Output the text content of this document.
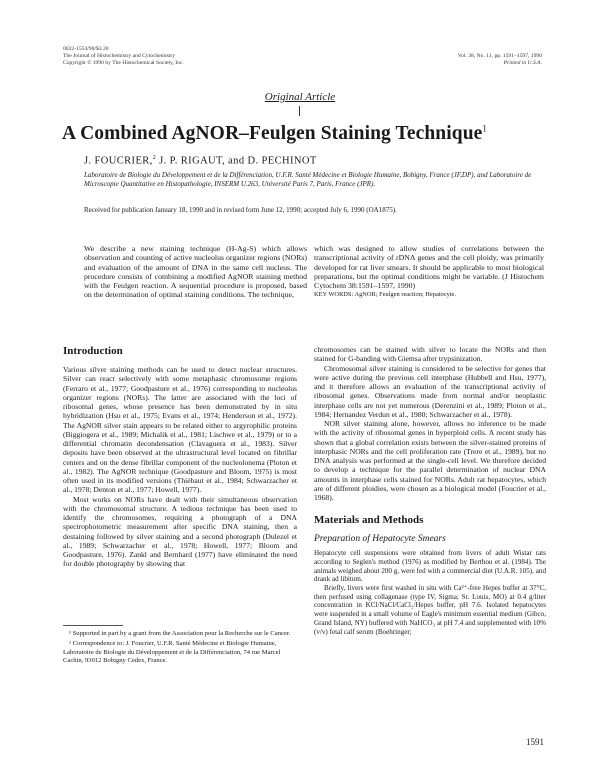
0022-1554/90/$3.30
The Journal of Histochemistry and Cytochemistry
Copyright © 1990 by The Histochemical Society, Inc.
Vol. 38, No. 11, pp. 1591–1597, 1990
Printed in U.S.A.
Original Article
A Combined AgNOR–Feulgen Staining Technique$^1$
J. FOUCRIER,$^2$ J. P. RIGAUT, and D. PECHINOT
Laboratoire de Biologie du Développement et de la Différenciation, U.F.R. Santé Médecine et Biologie Humaine, Bobigny, France (JF,DP), and Laboratoire de Microscopie Quantitative en Histopathologie, INSERM U.263, Université Paris 7, Paris, France (JPR).
Received for publication January 18, 1990 and in revised form June 12, 1990; accepted July 6, 1990 (OA1875).
We describe a new staining technique (H-Ag-S) which allows observation and counting of active nucleolus organizer regions (NORs) and evaluation of the amount of DNA in the same cell nucleus. The procedure consists of combining a modified AgNOR staining method with the Feulgen reaction. A sequential procedure is proposed, based on the determination of optimal staining conditions. The technique,
which was designed to allow studies of correlations between the transcriptional activity of rDNA genes and the cell ploidy, was primarily developed for rat liver smears. It should be applicable to most biological preparations, but the optimal conditions might be variable. (J Histochem Cytochem 38:1591–1597, 1990)
KEY WORDS: AgNOR; Feulgen reaction; Hepatocyte.
Introduction

Various silver staining methods can be used to detect nuclear structures. Silver can react selectively with some metaphasic chromosome regions (Ferraro et al., 1977; Goodpasture et al., 1976) corresponding to nucleolus organizer regions (NORs). The latter are associated with the loci of ribosomal genes, whose presence has been demonstrated by in situ hybridization (Hsu et al., 1975; Evans et al., 1974; Henderson et al., 1972). The AgNOR silver stain appears to be related either to argyrophilic proteins (Biggiogera et al., 1989; Michalik et al., 1981; Lischwe et al., 1979) or to a differential chromatin decondensation (Clavaguera et al., 1983). Silver deposits have been observed at the ultrastructural level located on fibrillar centers and on the dense fibrillar component of the nucleolonema (Ploton et al., 1982). The AgNOR technique (Goodpasture and Bloom, 1975) is most often used in its modified versions (Thiébaut et al., 1984; Schwarzacher et al., 1978; Denton et al., 1977; Howell, 1977).

Most works on NORs have dealt with their simultaneous observation with the chromosomal structure. A tedious technique has been used to identify the chromosomes, requiring a photograph of a DNA spectrophotometric measurement after specific DNA staining, then a destaining followed by silver staining and a second photograph (Dulezel et al., 1989; Schwarzacher et al., 1978; Howell, 1977; Bloom and Goodpasture, 1976). Zankl and Bernhard (1977) have eliminated the need for double photography by showing that

¹ Supported in part by a grant from the Association pour la Recherche sur le Cancer.

² Correspondence to: J. Foucrier, U.F.R. Santé Médecine et Biologie Humaine, Laboratoire de Biologie du Développement et de la Différenciation, 74 rue Marcel Cachin, 93012 Bobigny Cedex, France.

chromosomes can be stained with silver to locate the NORs and then stained for G-banding with Giemsa after trypsinization.

Chromosomal silver staining is considered to be selective for genes that were active during the previous cell interphase (Hubbell and Hsu, 1977), and it therefore allows an evaluation of the transcriptional activity of ribosomal genes. Observations made from normal and/or neoplastic interphase cells are not yet numerous (Derenzini et al., 1989; Ploton et al., 1984; Hernandez Verdun et al., 1980; Schwarzacher et al., 1978).

NOR silver staining alone, however, allows no inference to be made with the activity of ribosomal genes in hyperploid cells. A recent study has shown that a global correlation exists between the silver-stained proteins of interphasic NORs and the cell proliferation rate (Trere et al., 1989), but no DNA analysis was performed at the single-cell level. We therefore decided to develop a technique for the parallel determination of nuclear DNA amounts in interphase cells stained for NORs. Adult rat hepatocytes, which are of different ploidies, were chosen as a biological model (Foucrier et al., 1968).

Materials and Methods
Preparation of Hepatocyte Smears

Hepatocyte cell suspensions were obtained from livers of adult Wistar rats according to Seglen's method (1976) as modified by Berthou et al. (1984). The animals weighed about 200 g, were fed with a commercial diet (U.A.R. 105), and drank ad libitum.

Briefly, livers were first washed in situ with Ca²⁺-free Hepes buffer at 37°C, then perfused using collagenase (type IV, Sigma; St. Louis, MO) at 0.4 g/liter concentration in KCl/NaCl/CaCl₂/Hepes buffer, pH 7.6. Isolated hepatocytes were suspended in a small volume of Eagle's minimum essential medium (Gibco, Grand Island, NY) buffered with NaHCO₃ at pH 7.4 and supplemented with 10% (v/v) fetal calf serum (Boehringer;

1591
